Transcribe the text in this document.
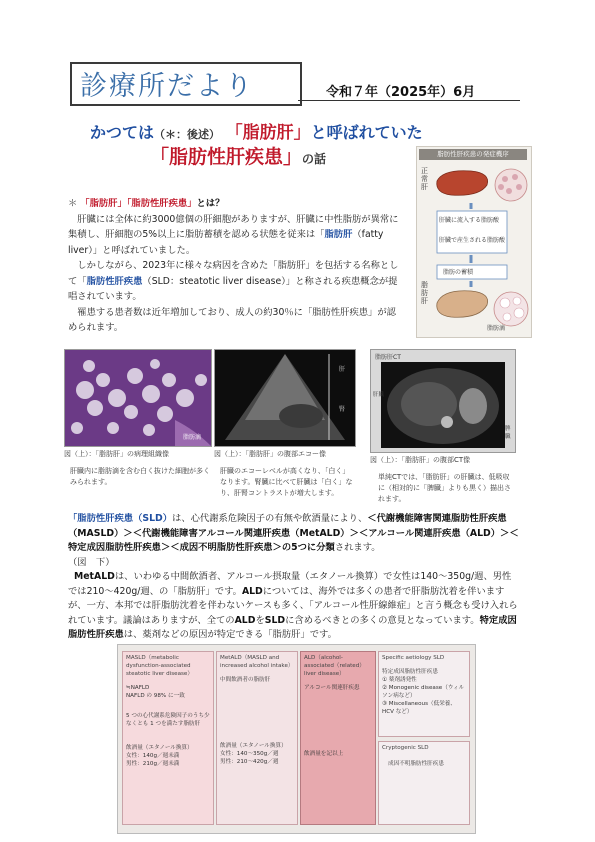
診療所だより	令和７年（2025年）6月
かつては（＊：後述） 「脂肪肝」と呼ばれていた
「脂肪性肝疾患」の話
＊ 「脂肪肝」「脂肪性肝疾患」とは？
　肝臓には全体に約3000億個の肝細胞がありますが、肝臓に中性脂肪が異常に集積し、肝細胞の5%以上に脂肪蓄積を認める状態を従来は「脂肪肝（fatty liver）」と呼ばれていました。
　しかしながら、2023年に様々な病因を含めた「脂肪肝」を包括する名称として「脂肪性肝疾患（SLD：steatotic liver disease）」と称される疾患概念が提唱されています。
　罹患する患者数は近年増加しており、成人の約30％に「脂肪性肝疾患」が認められます。
脂肪性肝疾患の発症機序
正常肝
肝臓に流入する脂肪酸
肝臓で産生される脂肪酸
脂肪の蓄積
脂肪肝
脂肪滴
脂肪滴
肝
腎
脂肪肝CT
肝臓
脾臓
図（上）：「脂肪肝」の病理組織像
肝臓内に脂肪滴を含む白く抜けた細胞が多くみられます。
図（上）：「脂肪肝」の腹部エコー像
肝臓のエコーレベルが高くなり、「白く」なります。腎臓に比べて肝臓は「白く」なり、肝腎コントラストが増大します。
図（上）：「脂肪肝」の腹部CT像
単純CTでは、「脂肪肝」の肝臓は、低吸収に（相対的に「脾臓」よりも黒く）描出されます。
「脂肪性肝疾患（SLD）は、心代謝系危険因子の有無や飲酒量により、＜代謝機能障害関連脂肪性肝疾患（MASLD）＞＜代謝機能障害アルコール関連肝疾患（MetALD）＞＜アルコール関連肝疾患（ALD）＞＜特定成因脂肪性肝疾患＞＜成因不明脂肪性肝疾患＞の5つに分類されます。
（図　下）
MetALDは、いわゆる中間飲酒者、アルコール摂取量（エタノール換算）で女性は140～350g/週、男性では210～420g/週、の「脂肪肝」です。ALDについては、海外では多くの患者で肝脂肪沈着を伴いますが、一方、本邦では肝脂肪沈着を伴わないケースも多く、「アルコール性肝線維症」と言う概念も受け入れられています。議論はありますが、全てのALDをSLDに含めるべきとの多くの意見となっています。特定成因脂肪性肝疾患は、薬剤などの原因が特定できる「脂肪肝」です。
MASLD（metabolic dysfunction-associated steatotic liver disease）
≒NAFLD
NAFLD の 98% に一致
5 つの心代謝系危険因子のうち少なくとも 1 つを満たす脂肪肝
飲酒量（エタノール換算）
女性：140g／週未満
男性：210g／週未満
MetALD（MASLD and increased alcohol intake）
中間飲酒者の脂肪肝
飲酒量（エタノール換算）
女性：140～350g／週
男性：210～420g／週
ALD（alcohol-associated（related）liver disease）
アルコール関連肝疾患
飲酒量を記以上
Specific aetiology SLD
特定成因脂肪性肝疾患
① 薬剤誘発性
② Monogenic disease（ウィルソン病など）
③ Miscellaneous（低栄養、HCV など）
Cryptogenic SLD
成因不明脂肪性肝疾患
